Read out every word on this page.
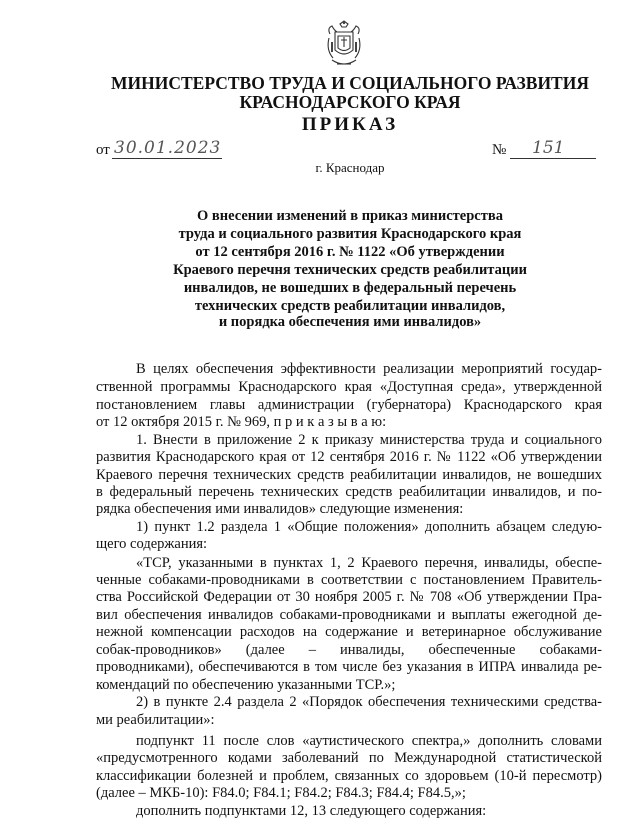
МИНИСТЕРСТВО ТРУДА И СОЦИАЛЬНОГО РАЗВИТИЯ
КРАСНОДАРСКОГО КРАЯ
ПРИКАЗ
от 30.01.2023	№ 151
г. Краснодар
О внесении изменений в приказ министерства
труда и социального развития Краснодарского края
от 12 сентября 2016 г. № 1122 «Об утверждении
Краевого перечня технических средств реабилитации
инвалидов, не вошедших в федеральный перечень
технических средств реабилитации инвалидов,
и порядка обеспечения ими инвалидов»
В целях обеспечения эффективности реализации мероприятий государ-
ственной программы Краснодарского края «Доступная среда», утвержденной
постановлением главы администрации (губернатора) Краснодарского края
от 12 октября 2015 г. № 969, п р и к а з ы в а ю:
1. Внести в приложение 2 к приказу министерства труда и социального
развития Краснодарского края от 12 сентября 2016 г. № 1122 «Об утверждении
Краевого перечня технических средств реабилитации инвалидов, не вошедших
в федеральный перечень технических средств реабилитации инвалидов, и по-
рядка обеспечения ими инвалидов» следующие изменения:
1) пункт 1.2 раздела 1 «Общие положения» дополнить абзацем следую-
щего содержания:
«ТСР, указанными в пунктах 1, 2 Краевого перечня, инвалиды, обеспе-
ченные собаками-проводниками в соответствии с постановлением Правитель-
ства Российской Федерации от 30 ноября 2005 г. № 708 «Об утверждении Пра-
вил обеспечения инвалидов собаками-проводниками и выплаты ежегодной де-
нежной компенсации расходов на содержание и ветеринарное обслуживание
собак-проводников» (далее – инвалиды, обеспеченные собаками-
проводниками), обеспечиваются в том числе без указания в ИПРА инвалида ре-
комендаций по обеспечению указанными ТСР.»;
2) в пункте 2.4 раздела 2 «Порядок обеспечения техническими средства-
ми реабилитации»:
подпункт 11 после слов «аутистического спектра,» дополнить словами
«предусмотренного кодами заболеваний по Международной статистической
классификации болезней и проблем, связанных со здоровьем (10-й пересмотр)
(далее – МКБ-10): F84.0; F84.1; F84.2; F84.3; F84.4; F84.5,»;
дополнить подпунктами 12, 13 следующего содержания:
